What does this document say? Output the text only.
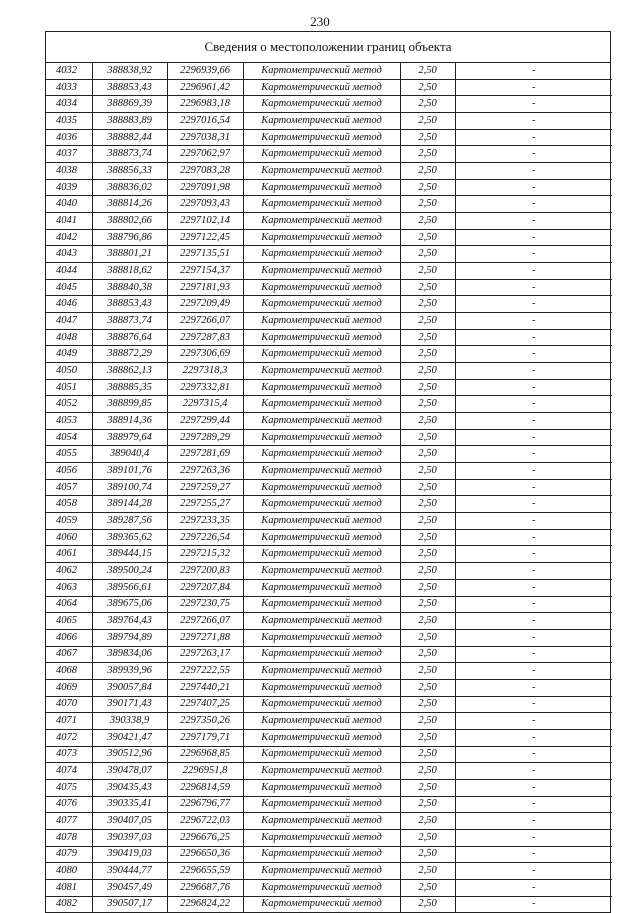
230
Сведения о местоположении границ объекта
4032	388838,92	2296939,66	Картометрический метод	2,50	-
4033	388853,43	2296961,42	Картометрический метод	2,50	-
4034	388869,39	2296983,18	Картометрический метод	2,50	-
4035	388883,89	2297016,54	Картометрический метод	2,50	-
4036	388882,44	2297038,31	Картометрический метод	2,50	-
4037	388873,74	2297062,97	Картометрический метод	2,50	-
4038	388856,33	2297083,28	Картометрический метод	2,50	-
4039	388836,02	2297091,98	Картометрический метод	2,50	-
4040	388814,26	2297093,43	Картометрический метод	2,50	-
4041	388802,66	2297102,14	Картометрический метод	2,50	-
4042	388796,86	2297122,45	Картометрический метод	2,50	-
4043	388801,21	2297135,51	Картометрический метод	2,50	-
4044	388818,62	2297154,37	Картометрический метод	2,50	-
4045	388840,38	2297181,93	Картометрический метод	2,50	-
4046	388853,43	2297209,49	Картометрический метод	2,50	-
4047	388873,74	2297266,07	Картометрический метод	2,50	-
4048	388876,64	2297287,83	Картометрический метод	2,50	-
4049	388872,29	2297306,69	Картометрический метод	2,50	-
4050	388862,13	2297318,3	Картометрический метод	2,50	-
4051	388885,35	2297332,81	Картометрический метод	2,50	-
4052	388899,85	2297315,4	Картометрический метод	2,50	-
4053	388914,36	2297299,44	Картометрический метод	2,50	-
4054	388979,64	2297289,29	Картометрический метод	2,50	-
4055	389040,4	2297281,69	Картометрический метод	2,50	-
4056	389101,76	2297263,36	Картометрический метод	2,50	-
4057	389100,74	2297259,27	Картометрический метод	2,50	-
4058	389144,28	2297255,27	Картометрический метод	2,50	-
4059	389287,56	2297233,35	Картометрический метод	2,50	-
4060	389365,62	2297226,54	Картометрический метод	2,50	-
4061	389444,15	2297215,32	Картометрический метод	2,50	-
4062	389500,24	2297200,83	Картометрический метод	2,50	-
4063	389566,61	2297207,84	Картометрический метод	2,50	-
4064	389675,06	2297230,75	Картометрический метод	2,50	-
4065	389764,43	2297266,07	Картометрический метод	2,50	-
4066	389794,89	2297271,88	Картометрический метод	2,50	-
4067	389834,06	2297263,17	Картометрический метод	2,50	-
4068	389939,96	2297222,55	Картометрический метод	2,50	-
4069	390057,84	2297440,21	Картометрический метод	2,50	-
4070	390171,43	2297407,25	Картометрический метод	2,50	-
4071	390338,9	2297350,26	Картометрический метод	2,50	-
4072	390421,47	2297179,71	Картометрический метод	2,50	-
4073	390512,96	2296968,85	Картометрический метод	2,50	-
4074	390478,07	2296951,8	Картометрический метод	2,50	-
4075	390435,43	2296814,59	Картометрический метод	2,50	-
4076	390335,41	2296796,77	Картометрический метод	2,50	-
4077	390407,05	2296722,03	Картометрический метод	2,50	-
4078	390397,03	2296676,25	Картометрический метод	2,50	-
4079	390419,03	2296650,36	Картометрический метод	2,50	-
4080	390444,77	2296655,59	Картометрический метод	2,50	-
4081	390457,49	2296687,76	Картометрический метод	2,50	-
4082	390507,17	2296824,22	Картометрический метод	2,50	-
